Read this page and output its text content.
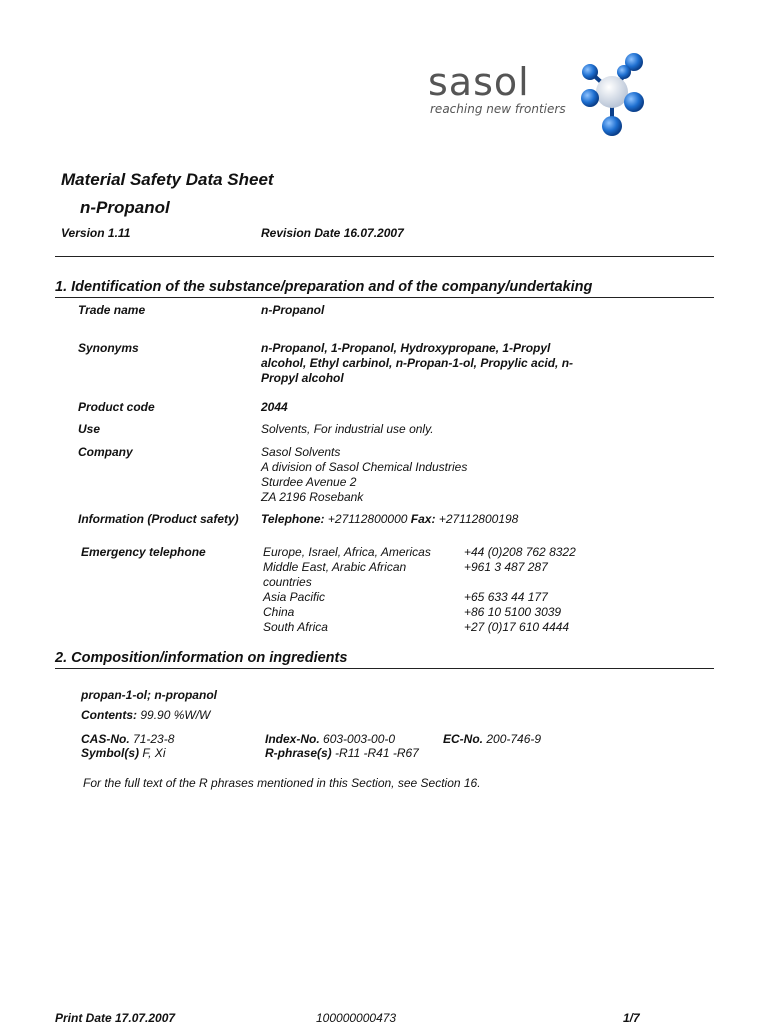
sasol
reaching new frontiers
Material Safety Data Sheet
n-Propanol
Version 1.11	Revision Date 16.07.2007
1. Identification of the substance/preparation and of the company/undertaking
Trade name	n-Propanol
Synonyms	n-Propanol, 1-Propanol, Hydroxypropane, 1-Propyl
alcohol, Ethyl carbinol, n-Propan-1-ol, Propylic acid, n-
Propyl alcohol
Product code	2044
Use	Solvents, For industrial use only.
Company	Sasol Solvents
A division of Sasol Chemical Industries
Sturdee Avenue 2
ZA 2196 Rosebank
Information (Product safety) Telephone: +27112800000 Fax: +27112800198
Emergency telephone	Europe, Israel, Africa, Americas	+44 (0)208 762 8322
Middle East, Arabic African	+961 3 487 287
countries
Asia Pacific	+65 633 44 177
China	+86 10 5100 3039
South Africa	+27 (0)17 610 4444
2. Composition/information on ingredients
propan-1-ol; n-propanol
Contents: 99.90 %W/W
CAS-No. 71-23-8	Index-No. 603-003-00-0	EC-No. 200-746-9
Symbol(s) F, Xi	R-phrase(s) -R11 -R41 -R67
For the full text of the R phrases mentioned in this Section, see Section 16.
Print Date 17.07.2007	100000000473	1/7
